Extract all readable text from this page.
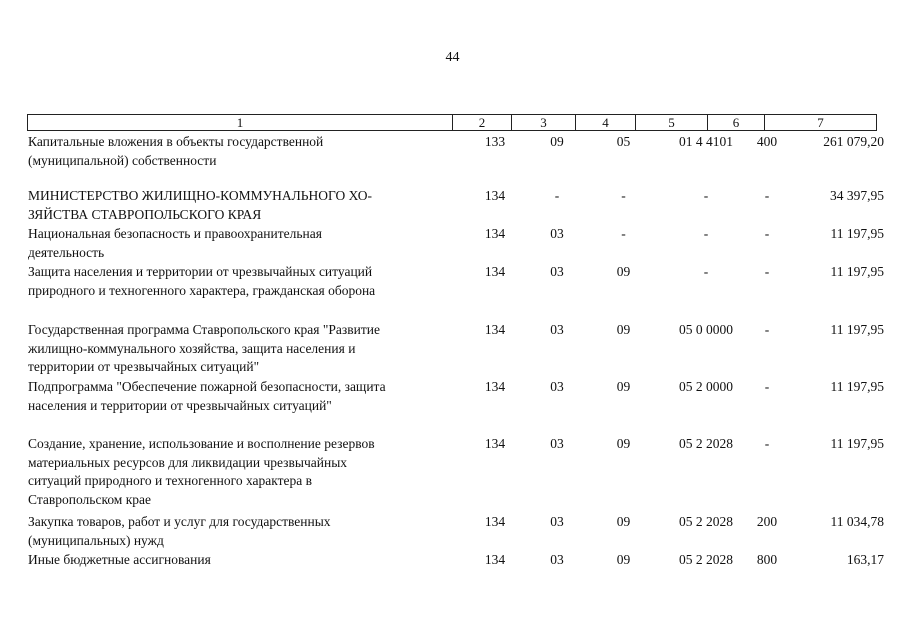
44
1	2	3	4	5	6	7
Капитальные вложения в объекты государственной
(муниципальной) собственности
133	09	05	01 4 4101	400	261 079,20
МИНИСТЕРСТВО ЖИЛИЩНО-КОММУНАЛЬНОГО ХО-
ЗЯЙСТВА СТАВРОПОЛЬСКОГО КРАЯ
134	-	-	-	-	34 397,95
Национальная безопасность и правоохранительная
деятельность
134	03	-	-	-	11 197,95
Защита населения и территории от чрезвычайных ситуаций
природного и техногенного характера, гражданская оборона
134	03	09	-	-	11 197,95
Государственная программа Ставропольского края "Развитие
жилищно-коммунального хозяйства, защита населения и
территории от чрезвычайных ситуаций"
134	03	09	05 0 0000	-	11 197,95
Подпрограмма "Обеспечение пожарной безопасности, защита
населения и территории от чрезвычайных ситуаций"
134	03	09	05 2 0000	-	11 197,95
Создание, хранение, использование и восполнение резервов
материальных ресурсов для ликвидации чрезвычайных
ситуаций природного и техногенного характера в
Ставропольском крае
134	03	09	05 2 2028	-	11 197,95
Закупка товаров, работ и услуг для государственных
(муниципальных) нужд
134	03	09	05 2 2028	200	11 034,78
Иные бюджетные ассигнования	134	03	09	05 2 2028	800	163,17
